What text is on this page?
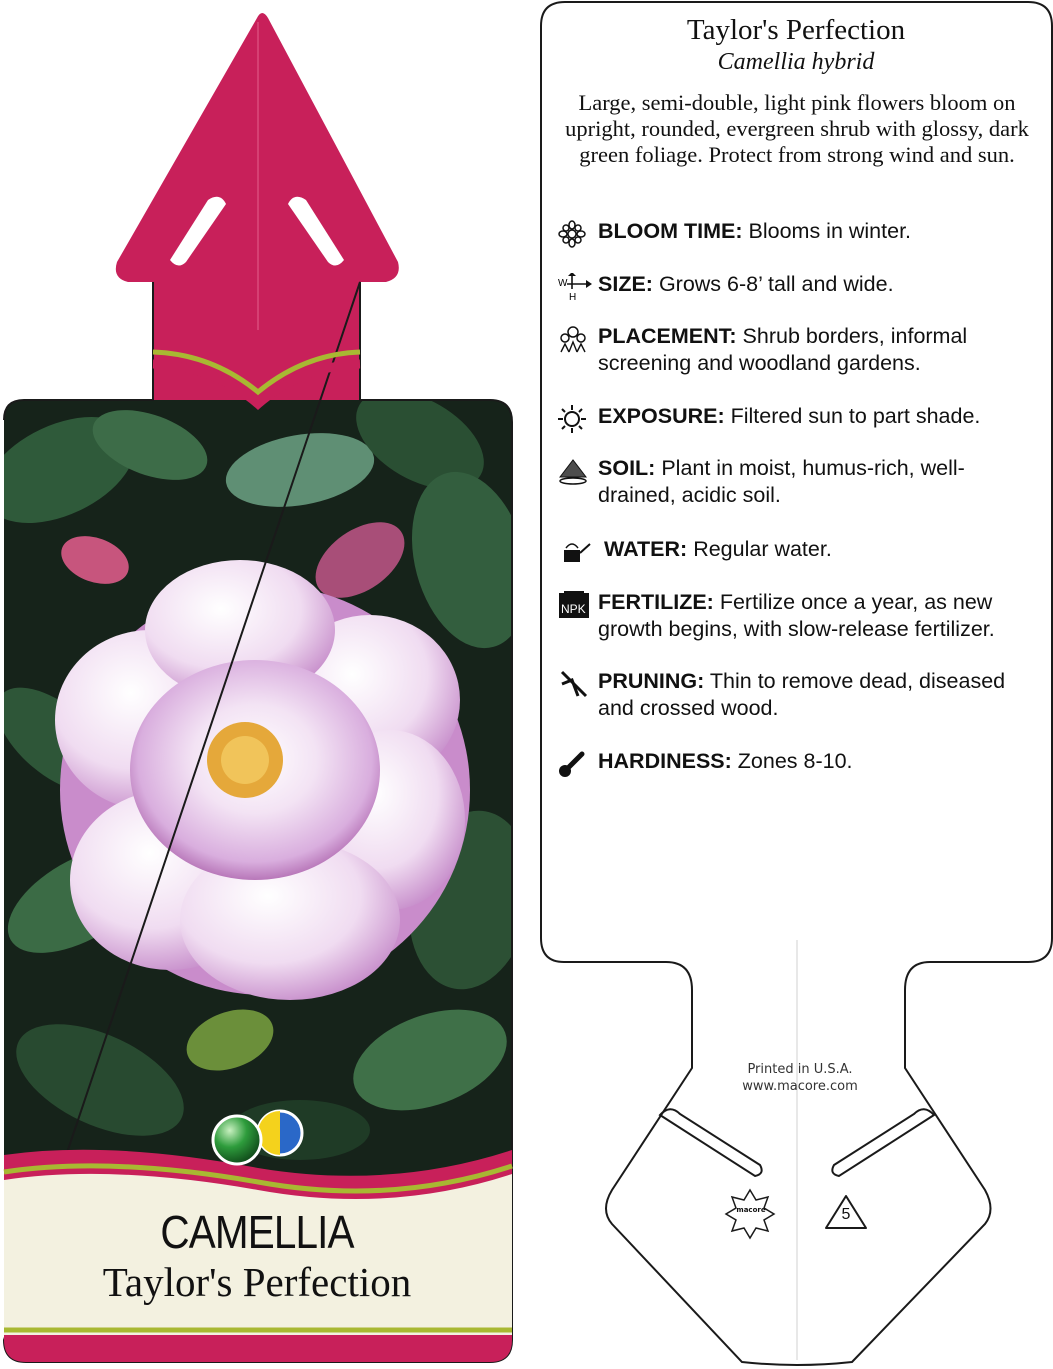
CAMELLIA
Taylor's Perfection
Taylor's Perfection
Camellia hybrid
Large, semi-double, light pink flowers bloom on upright, rounded, evergreen shrub with glossy, dark green foliage. Protect from strong wind and sun.
BLOOM TIME: Blooms in winter.
W
H
SIZE: Grows 6-8’ tall and wide.
PLACEMENT: Shrub borders, informal screening and woodland gardens.
EXPOSURE: Filtered sun to part shade.
SOIL: Plant in moist, humus-rich, well-drained, acidic soil.
WATER: Regular water.
NPK FERTILIZE: Fertilize once a year, as new growth begins, with slow-release fertilizer.
PRUNING: Thin to remove dead, diseased and crossed wood.
HARDINESS: Zones 8-10.
Printed in U.S.A.
www.macore.com
macore	5
